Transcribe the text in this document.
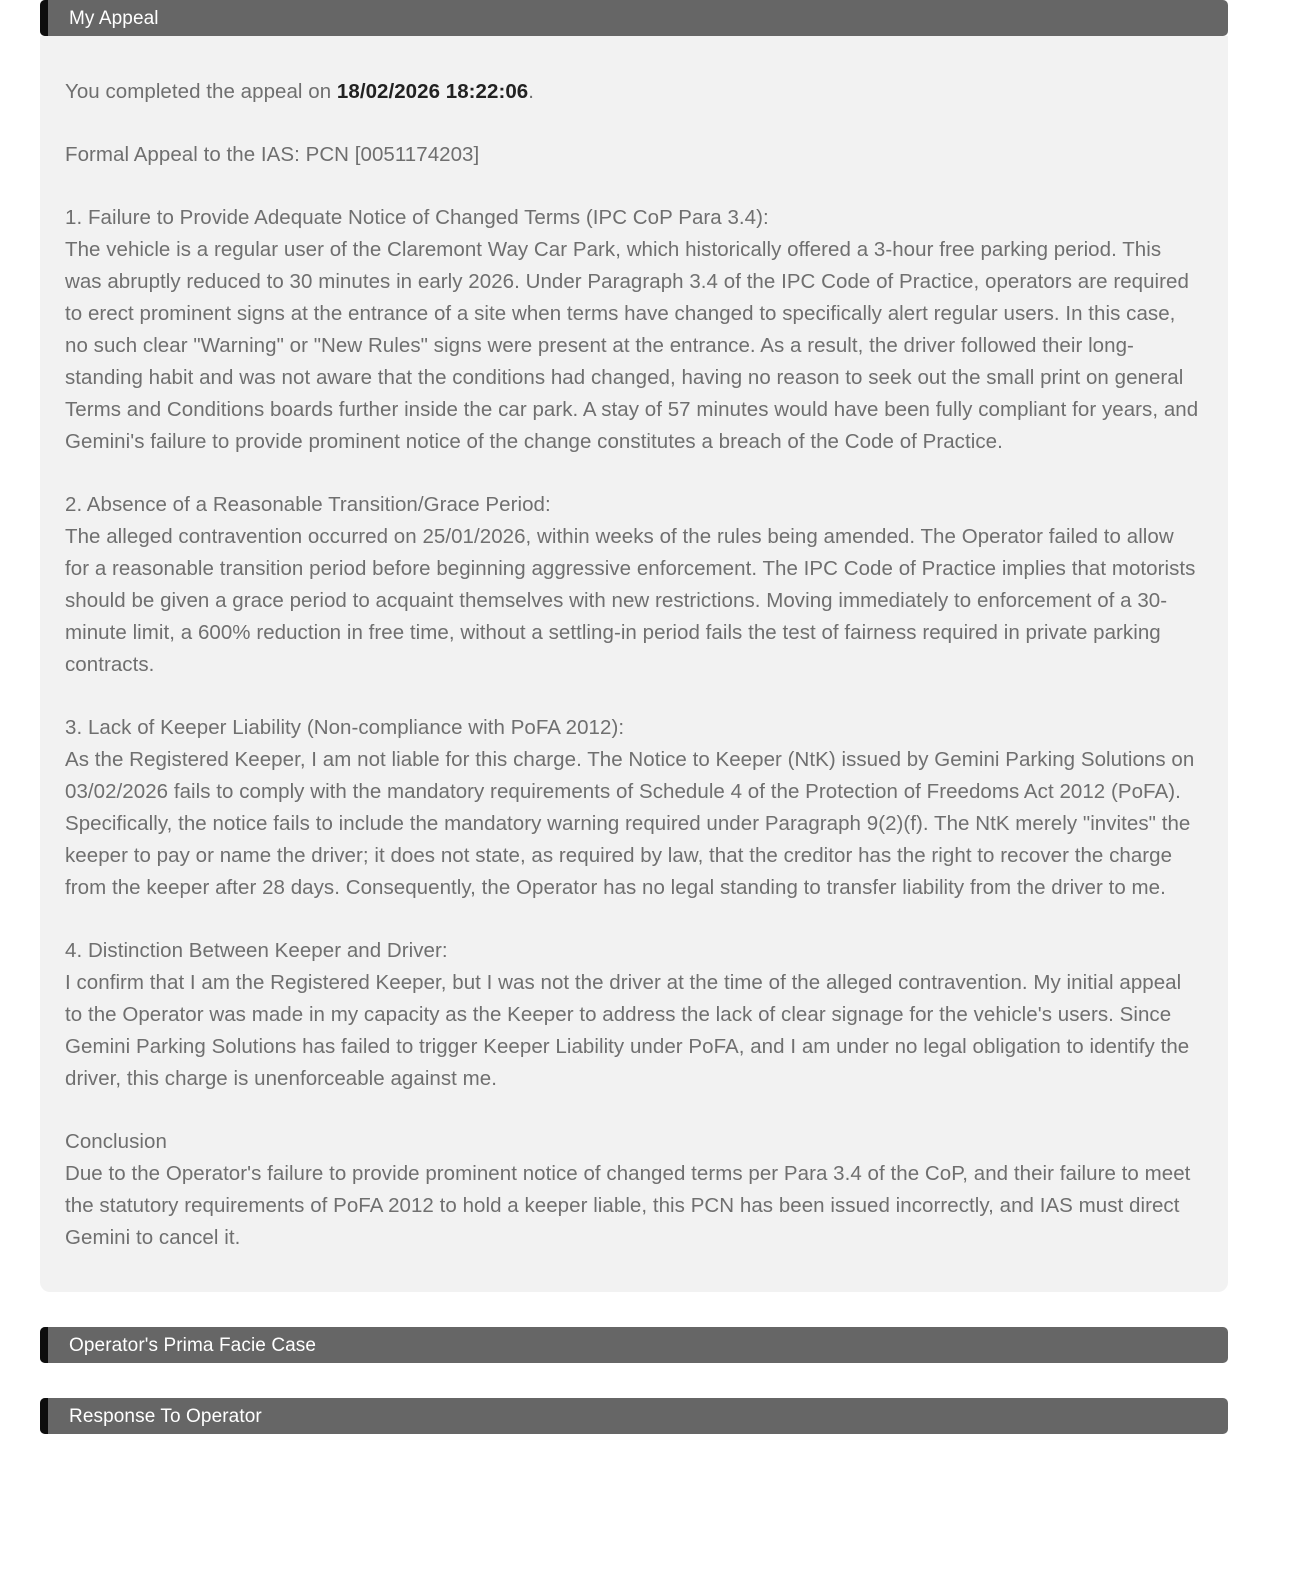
My Appeal

You completed the appeal on 18/02/2026 18:22:06.

Formal Appeal to the IAS: PCN [0051174203]

1. Failure to Provide Adequate Notice of Changed Terms (IPC CoP Para 3.4):
The vehicle is a regular user of the Claremont Way Car Park, which historically offered a 3-hour free parking period. This was abruptly reduced to 30 minutes in early 2026. Under Paragraph 3.4 of the IPC Code of Practice, operators are required to erect prominent signs at the entrance of a site when terms have changed to specifically alert regular users. In this case, no such clear "Warning" or "New Rules" signs were present at the entrance. As a result, the driver followed their long-standing habit and was not aware that the conditions had changed, having no reason to seek out the small print on general Terms and Conditions boards further inside the car park. A stay of 57 minutes would have been fully compliant for years, and Gemini's failure to provide prominent notice of the change constitutes a breach of the Code of Practice.

2. Absence of a Reasonable Transition/Grace Period:
The alleged contravention occurred on 25/01/2026, within weeks of the rules being amended. The Operator failed to allow for a reasonable transition period before beginning aggressive enforcement. The IPC Code of Practice implies that motorists should be given a grace period to acquaint themselves with new restrictions. Moving immediately to enforcement of a 30-minute limit, a 600% reduction in free time, without a settling-in period fails the test of fairness required in private parking contracts.

3. Lack of Keeper Liability (Non-compliance with PoFA 2012):
As the Registered Keeper, I am not liable for this charge. The Notice to Keeper (NtK) issued by Gemini Parking Solutions on 03/02/2026 fails to comply with the mandatory requirements of Schedule 4 of the Protection of Freedoms Act 2012 (PoFA). Specifically, the notice fails to include the mandatory warning required under Paragraph 9(2)(f). The NtK merely "invites" the keeper to pay or name the driver; it does not state, as required by law, that the creditor has the right to recover the charge from the keeper after 28 days. Consequently, the Operator has no legal standing to transfer liability from the driver to me.

4. Distinction Between Keeper and Driver:
I confirm that I am the Registered Keeper, but I was not the driver at the time of the alleged contravention. My initial appeal to the Operator was made in my capacity as the Keeper to address the lack of clear signage for the vehicle's users. Since Gemini Parking Solutions has failed to trigger Keeper Liability under PoFA, and I am under no legal obligation to identify the driver, this charge is unenforceable against me.

Conclusion
Due to the Operator's failure to provide prominent notice of changed terms per Para 3.4 of the CoP, and their failure to meet the statutory requirements of PoFA 2012 to hold a keeper liable, this PCN has been issued incorrectly, and IAS must direct Gemini to cancel it.

Operator's Prima Facie Case
Response To Operator
